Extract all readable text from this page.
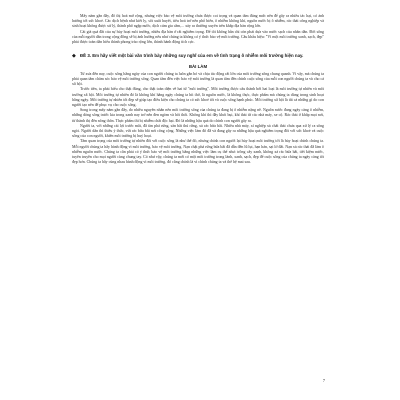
Mấy năm gần đây, đô thị hoá mở rộng, nhưng việc bảo vệ môi trường chưa được coi trọng và quan tâm đúng mức nên để gây ra nhiều tác hại, có ảnh hưởng tới sức khoẻ. Các dịch bệnh như kiết lỵ, sốt xuất huyết, tiêu hoá trở nên phổ biến, ô nhiễm không khí, nguồn nước bị ô nhiễm, rác thải công nghiệp và sinh hoạt không được xử lý, thành phố ngập nước, dịch cúm gia cầm,... xảy ra thường xuyên trên khắp địa bàn rộng lớn.

Cái giá quá đắt của sự hủy hoại môi trường, nhiều địa bàn ở rất nghiêm trọng. Để tôi không hẳn chỉ còn phải dựa vào nước sạch của nhân dân. Đời sống của mỗi người dân trong cộng đồng sẽ bị ảnh hưởng nếu như chúng ta không có ý thức bảo vệ môi trường. Câu khẩu hiệu: "Vì một môi trường xanh, sạch, đẹp" phải được toàn dân hiểu thành phong trào rộng lớn, thành hành động tích cực.

◆ ĐỀ 3. Em hãy viết một bài văn trình bày những suy nghĩ của em về tình trạng ô nhiễm môi trường hiện nay.
BÀI LÀM

Từ xưa đến nay, cuộc sống hằng ngày của con người chúng ta luôn gắn bó và chịu tác động rất lớn của môi trường sống chung quanh. Vì vậy, mà chúng ta phải quan tâm chăm sóc bảo vệ môi trường sống. Quan tâm đến việc bảo vệ môi trường là quan tâm đến chính cuộc sống của mỗi con người chúng ta và cho cả xã hội.

Trước tiên, ta phải hiểu cho thật đúng, cho thật toàn diện về hai từ "môi trường". Môi trường được cấu thành bởi hai loại là môi trường tự nhiên và môi trường xã hội. Môi trường tự nhiên đó là không khí hằng ngày chúng ta hít thở, là nguồn nước, là không thực, thực phẩm mà chúng ta dùng trong sinh hoạt hằng ngày. Môi trường tự nhiên tốt đẹp sẽ giúp tạo điều kiện cho chúng ta có sức khoẻ tốt và cuộc sống hạnh phúc. Môi trường xã hội là tất cả những gì do con người tạo nên để phục vụ cho cuộc sống.

Song trong mấy năm gần đây, do nhiều nguyên nhân nên môi trường sống của chúng ta đang bị ô nhiễm nặng nề. Nguồn nước đang ngày càng ô nhiễm, những dòng sông trước kia trong xanh nay trở nên đen ngòm và hôi thối. Không khí thì đầy khói bụi, khí thải từ các nhà máy, xe cộ. Rác thải ở khắp mọi nơi, từ thành thị đến nông thôn. Thực phẩm thì bị nhiễm chất độc hại. Đó là những hậu quả do chính con người gây ra.

Người ta, với những cái lợi trước mắt, đã tàn phá rừng, săn bắt thú rừng, xả rác bừa bãi. Nhiều nhà máy, xí nghiệp xả chất thải chưa qua xử lý ra sông ngòi. Người dân thì thiếu ý thức, vứt rác bừa bãi nơi công cộng. Những việc làm đó đã và đang gây ra những hậu quả nghiêm trọng đối với sức khoẻ và cuộc sống của con người, khiến môi trường bị huỷ hoại.

Tâm quan trọng của môi trường tự nhiên đối với cuộc sống là như thế đó, nhưng chính con người lại hủy hoại môi trường tới là hủy hoại chính chúng ta. Mỗi người chúng ta hãy hành động vì môi trường, bảo vệ môi trường. Nạn chặt phá rừng bừa bãi đã dẫn đến lũ lụt, hạn hán, sạt lở đất. Nạn xả rác thải đã làm ô nhiễm nguồn nước. Chúng ta cần phải có ý thức bảo vệ môi trường bằng những việc làm cụ thể như: trồng cây xanh, không xả rác bừa bãi, tiết kiệm nước, tuyên truyền cho mọi người cùng chung tay. Có như vậy, chúng ta mới có một môi trường trong lành, xanh, sạch, đẹp để cuộc sống của chúng ta ngày càng tốt đẹp hơn. Chúng ta hãy cùng nhau hành động vì môi trường, đó cũng chính là vì chính chúng ta và thế hệ mai sau.

7
